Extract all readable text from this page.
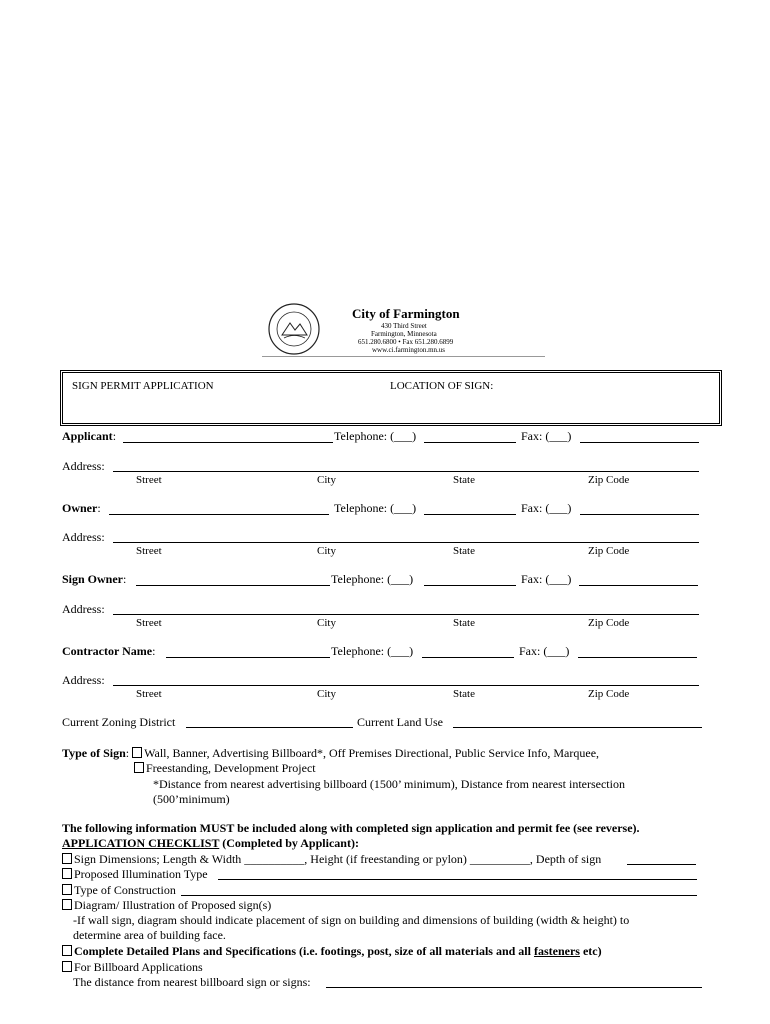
City of Farmington
430 Third Street
Farmington, Minnesota
651.280.6800 • Fax 651.280.6899
www.ci.farmington.mn.us
SIGN PERMIT APPLICATION	LOCATION OF SIGN:
Applicant:	Telephone: (___)	Fax: (___)
Address:
Street	City	State	Zip Code
Owner:	Telephone: (___)	Fax: (___)
Address:
Street	City	State	Zip Code
Sign Owner:	Telephone: (___)	Fax: (___)
Address:
Street	City	State	Zip Code
Contractor Name:	Telephone: (___)	Fax: (___)
Address:
Street	City	State	Zip Code
Current Zoning District	Current Land Use
Type of Sign: Wall, Banner, Advertising Billboard*, Off Premises Directional, Public Service Info, Marquee,
Freestanding, Development Project
*Distance from nearest advertising billboard (1500’ minimum), Distance from nearest intersection
(500’minimum)
The following information MUST be included along with completed sign application and permit fee (see reverse).
APPLICATION CHECKLIST (Completed by Applicant):
Sign Dimensions; Length & Width __________, Height (if freestanding or pylon) __________, Depth of sign
Proposed Illumination Type
Type of Construction
Diagram/ Illustration of Proposed sign(s)
-If wall sign, diagram should indicate placement of sign on building and dimensions of building (width & height) to
determine area of building face.
Complete Detailed Plans and Specifications (i.e. footings, post, size of all materials and all fasteners etc)
For Billboard Applications
The distance from nearest billboard sign or signs:
